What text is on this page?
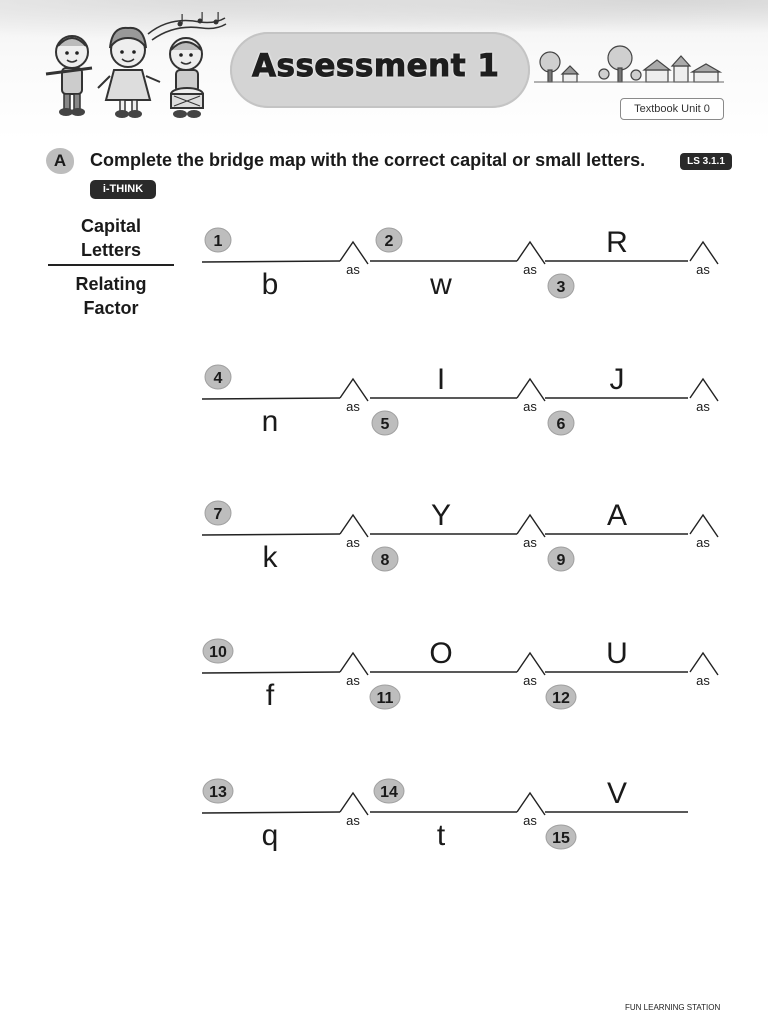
Assessment 1
Textbook Unit 0
A	Complete the bridge map with the correct capital or small letters.	LS 3.1.1
i-THINK
Capital
Letters
Relating
Factor
as
1
b	as
2
w	as
R
3
as
4
n	as
I
5
as
J
6
as
7
k	as
Y
8
as
A
9
as
10
f	as
O
11
as
U
12
as
13
q	as
14
t
V
15
FUN LEARNING STATION
